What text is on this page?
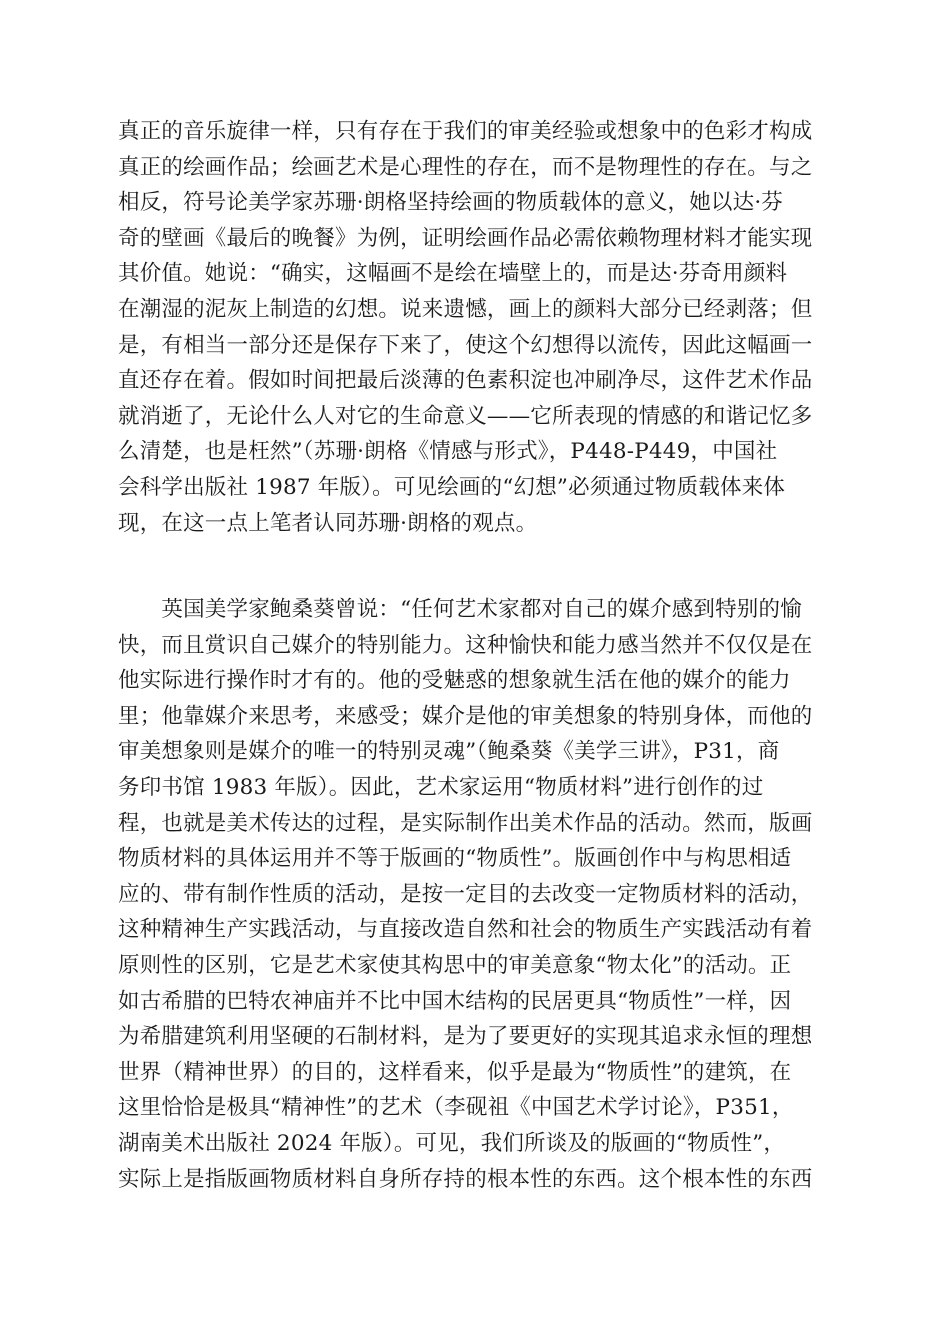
真正的音乐旋律一样，只有存在于我们的审美经验或想象中的色彩才构成
真正的绘画作品；绘画艺术是心理性的存在，而不是物理性的存在。与之
相反，符号论美学家苏珊·朗格坚持绘画的物质载体的意义，她以达·芬
奇的壁画《最后的晚餐》为例，证明绘画作品必需依赖物理材料才能实现
其价值。她说：“确实，这幅画不是绘在墙壁上的，而是达·芬奇用颜料
在潮湿的泥灰上制造的幻想。说来遗憾，画上的颜料大部分已经剥落；但
是，有相当一部分还是保存下来了，使这个幻想得以流传，因此这幅画一
直还存在着。假如时间把最后淡薄的色素积淀也冲刷净尽，这件艺术作品
就消逝了，无论什么人对它的生命意义——它所表现的情感的和谐记忆多
么清楚，也是枉然”（苏珊·朗格《情感与形式》，P448-P449，中国社
会科学出版社 1987 年版）。可见绘画的“幻想”必须通过物质载体来体
现，在这一点上笔者认同苏珊·朗格的观点。
　　英国美学家鲍桑葵曾说：“任何艺术家都对自己的媒介感到特别的愉
快，而且赏识自己媒介的特别能力。这种愉快和能力感当然并不仅仅是在
他实际进行操作时才有的。他的受魅惑的想象就生活在他的媒介的能力
里；他靠媒介来思考，来感受；媒介是他的审美想象的特别身体，而他的
审美想象则是媒介的唯一的特别灵魂”（鲍桑葵《美学三讲》，P31，商
务印书馆 1983 年版）。因此，艺术家运用“物质材料”进行创作的过
程，也就是美术传达的过程，是实际制作出美术作品的活动。然而，版画
物质材料的具体运用并不等于版画的“物质性”。版画创作中与构思相适
应的、带有制作性质的活动，是按一定目的去改变一定物质材料的活动，
这种精神生产实践活动，与直接改造自然和社会的物质生产实践活动有着
原则性的区别，它是艺术家使其构思中的审美意象“物太化”的活动。正
如古希腊的巴特农神庙并不比中国木结构的民居更具“物质性”一样，因
为希腊建筑利用坚硬的石制材料，是为了要更好的实现其追求永恒的理想
世界（精神世界）的目的，这样看来，似乎是最为“物质性”的建筑，在
这里恰恰是极具“精神性”的艺术（李砚祖《中国艺术学讨论》，P351，
湖南美术出版社 2024 年版）。可见，我们所谈及的版画的“物质性”，
实际上是指版画物质材料自身所存持的根本性的东西。这个根本性的东西
